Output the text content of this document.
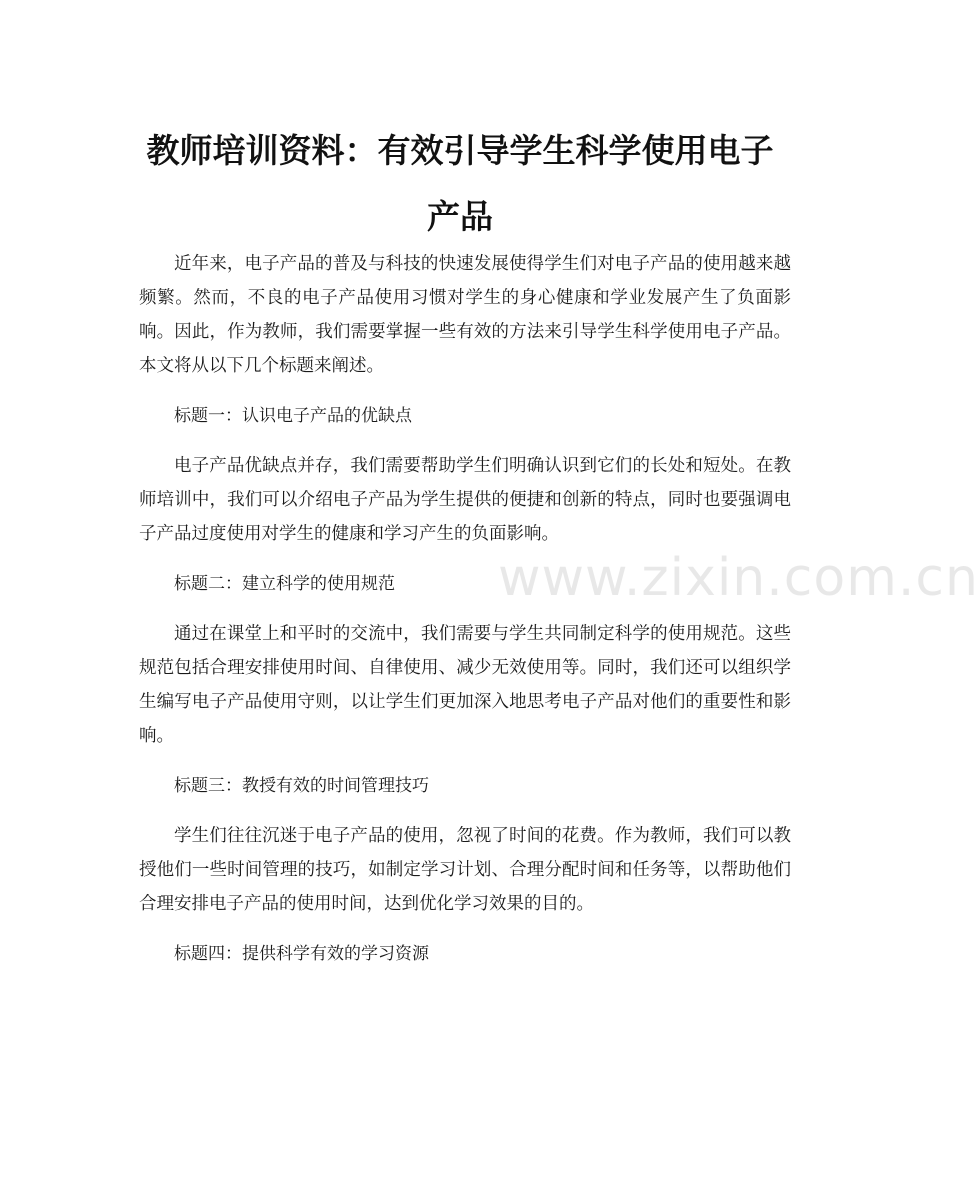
教师培训资料：有效引导学生科学使用电子
产品

近年来，电子产品的普及与科技的快速发展使得学生们对电子产品的使用越来越频繁。然而，不良的电子产品使用习惯对学生的身心健康和学业发展产生了负面影响。因此，作为教师，我们需要掌握一些有效的方法来引导学生科学使用电子产品。本文将从以下几个标题来阐述。

标题一：认识电子产品的优缺点

电子产品优缺点并存，我们需要帮助学生们明确认识到它们的长处和短处。在教师培训中，我们可以介绍电子产品为学生提供的便捷和创新的特点，同时也要强调电子产品过度使用对学生的健康和学习产生的负面影响。

标题二：建立科学的使用规范

通过在课堂上和平时的交流中，我们需要与学生共同制定科学的使用规范。这些规范包括合理安排使用时间、自律使用、减少无效使用等。同时，我们还可以组织学生编写电子产品使用守则，以让学生们更加深入地思考电子产品对他们的重要性和影响。

标题三：教授有效的时间管理技巧

学生们往往沉迷于电子产品的使用，忽视了时间的花费。作为教师，我们可以教授他们一些时间管理的技巧，如制定学习计划、合理分配时间和任务等，以帮助他们合理安排电子产品的使用时间，达到优化学习效果的目的。

标题四：提供科学有效的学习资源

www.zixin.com.cn
